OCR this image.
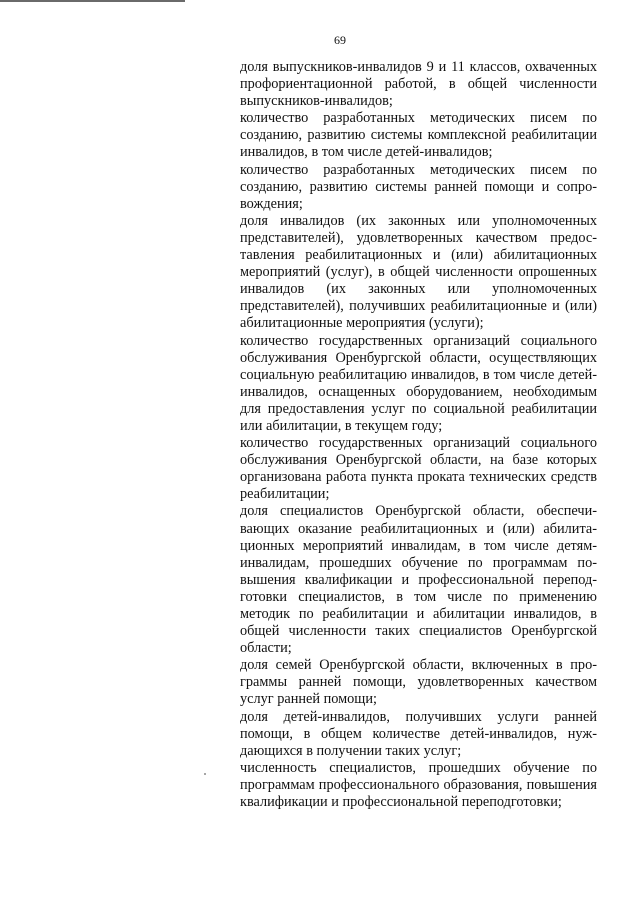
69

доля выпускников-инвалидов 9 и 11 классов, охваченных профориентационной работой, в общей численности выпускников-инвалидов;

количество разработанных методических писем по созданию, развитию системы комплексной реабилитации инвалидов, в том числе детей-инвалидов;

количество разработанных методических писем по созданию, развитию системы ранней помощи и сопровождения;

доля инвалидов (их законных или уполномоченных представителей), удовлетворенных качеством предоставления реабилитационных и (или) абилитационных мероприятий (услуг), в общей численности опрошенных инвалидов (их законных или уполномоченных представителей), получивших реабилитационные и (или) абилитационные мероприятия (услуги);

количество государственных организаций социального обслуживания Оренбургской области, осуществляющих социальную реабилитацию инвалидов, в том числе детей-инвалидов, оснащенных оборудованием, необходимым для предоставления услуг по социальной реабилитации или абилитации, в текущем году;

количество государственных организаций социального обслуживания Оренбургской области, на базе которых организована работа пункта проката технических средств реабилитации;

доля специалистов Оренбургской области, обеспечивающих оказание реабилитационных и (или) абилитационных мероприятий инвалидам, в том числе детям-инвалидам, прошедших обучение по программам повышения квалификации и профессиональной переподготовки специалистов, в том числе по применению методик по реабилитации и абилитации инвалидов, в общей численности таких специалистов Оренбургской области;

доля семей Оренбургской области, включенных в программы ранней помощи, удовлетворенных качеством услуг ранней помощи;

доля детей-инвалидов, получивших услуги ранней помощи, в общем количестве детей-инвалидов, нуждающихся в получении таких услуг;

численность специалистов, прошедших обучение по программам профессионального образования, повышения квалификации и профессиональной переподготовки;
